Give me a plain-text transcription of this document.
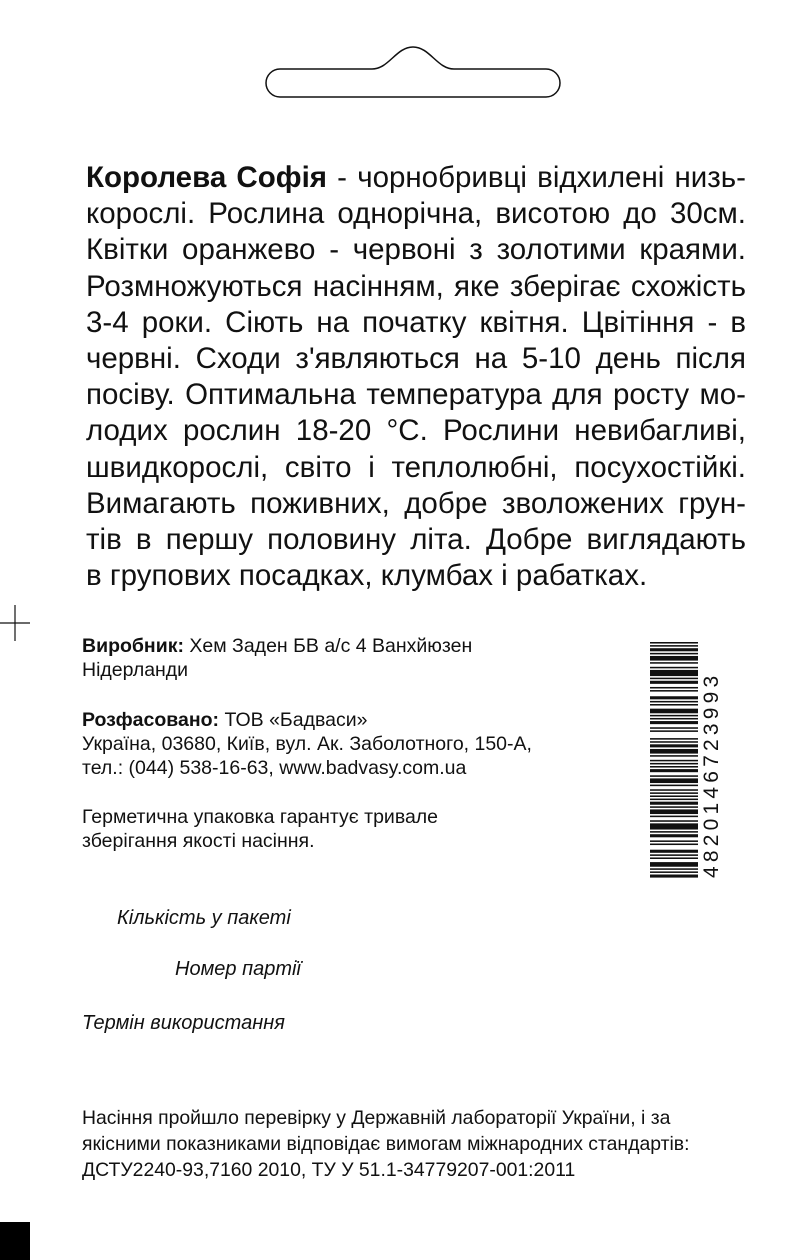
Королева Софія - чорнобривці відхилені низь-
корослі. Рослина однорічна, висотою до 30см.
Квітки оранжево - червоні з золотими краями.
Розмножуються насінням, яке зберігає схожість
3-4 роки. Сіють на початку квітня. Цвітіння - в
червні. Сходи з'являються на 5-10 день після
посіву. Оптимальна температура для росту мо-
лодих рослин 18-20 °С. Рослини невибагливі,
швидкорослі, світо і теплолюбні, посухостійкі.
Вимагають поживних, добре зволожених грун-
тів в першу половину літа. Добре виглядають
в групових посадках, клумбах і рабатках.
Виробник: Хем Заден БВ а/с 4 Ванхйюзен
Нідерланди
Розфасовано: ТОВ «Бадваси»
Україна, 03680, Київ, вул. Ак. Заболотного, 150-А,
тел.: (044) 538-16-63, www.badvasy.com.ua
Герметична упаковка гарантує тривале
зберігання якості насіння.	4820146723993
Кількість у пакеті
Номер партії
Термін використання
Насіння пройшло перевірку у Державній лабораторії України, і за
якісними показниками відповідає вимогам міжнародних стандартів:
ДСТУ2240-93,7160 2010, ТУ У 51.1-34779207-001:2011
